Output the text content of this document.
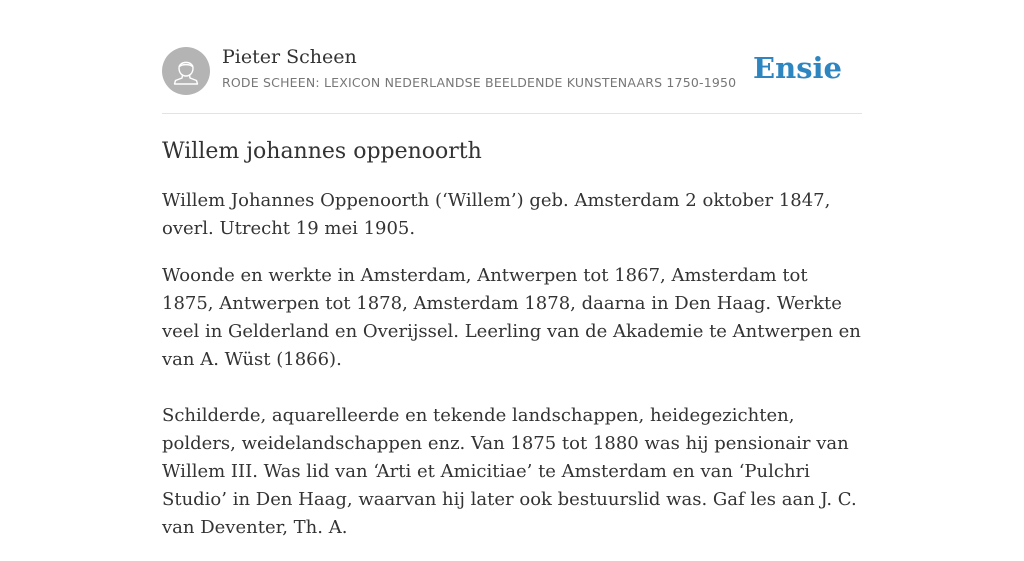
Pieter Scheen
RODE SCHEEN: LEXICON NEDERLANDSE BEELDENDE KUNSTENAARS 1750-1950 Ensie
Willem johannes oppenoorth

Willem Johannes Oppenoorth (‘Willem’) geb. Amsterdam 2 oktober 1847, overl. Utrecht 19 mei 1905.

Woonde en werkte in Amsterdam, Antwerpen tot 1867, Amsterdam tot 1875, Antwerpen tot 1878, Amsterdam 1878, daarna in Den Haag. Werkte veel in Gelderland en Overijssel. Leerling van de Akademie te Antwerpen en van A. Wüst (1866).

Schilderde, aquarelleerde en tekende landschappen, heidegezichten, polders, weidelandschappen enz. Van 1875 tot 1880 was hij pensionair van Willem III. Was lid van ‘Arti et Amicitiae’ te Amsterdam en van ‘Pulchri Studio’ in Den Haag, waarvan hij later ook bestuurslid was. Gaf les aan J. C. van Deventer, Th. A.
